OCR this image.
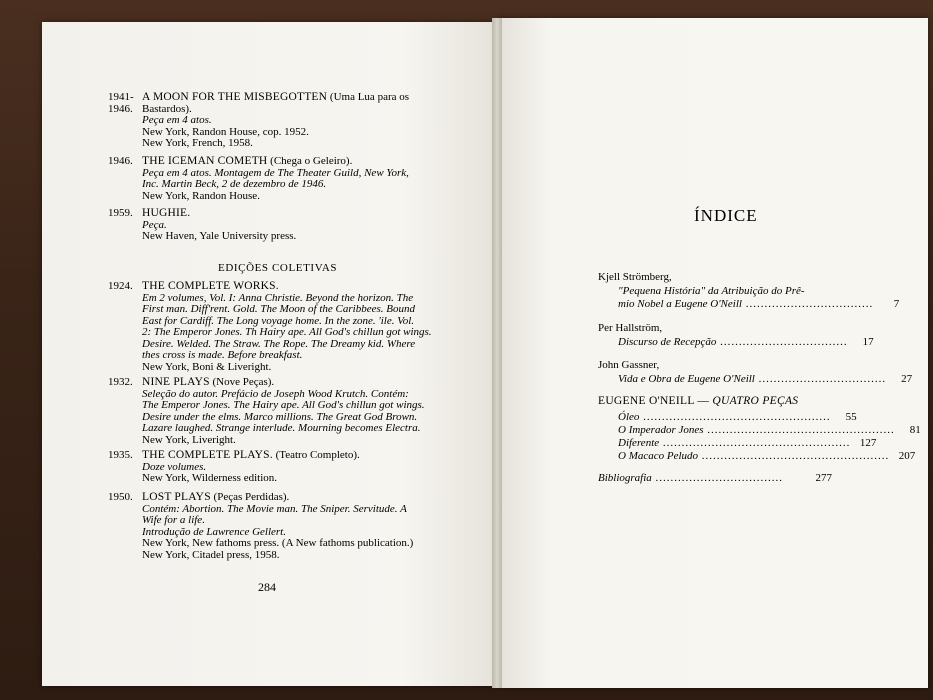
1941-
1946.
A MOON FOR THE MISBEGOTTEN (Uma Lua para os
Bastardos).
Peça em 4 atos.
New York, Randon House, cop. 1952.
New York, French, 1958.
1946. THE ICEMAN COMETH (Chega o Geleiro).
Peça em 4 atos. Montagem de The Theater Guild, New York,
Inc. Martin Beck, 2 de dezembro de 1946.
New York, Randon House.
1959. HUGHIE.
Peça.
New Haven, Yale University press.
1924. THE COMPLETE WORKS.
Em 2 volumes, Vol. I: Anna Christie. Beyond the horizon. The
First man. Diff'rent. Gold. The Moon of the Caribbees. Bound
East for Cardiff. The Long voyage home. In the zone. 'ile. Vol.
2: The Emperor Jones. Th Hairy ape. All God's chillun got wings.
Desire. Welded. The Straw. The Rope. The Dreamy kid. Where
thes cross is made. Before breakfast.
New York, Boni & Liveright.
1932. NINE PLAYS (Nove Peças).
Seleção do autor. Prefácio de Joseph Wood Krutch. Contém:
The Emperor Jones. The Hairy ape. All God's chillun got wings.
Desire under the elms. Marco millions. The Great God Brown.
Lazare laughed. Strange interlude. Mourning becomes Electra.
New York, Liveright.
1935. THE COMPLETE PLAYS. (Teatro Completo).
Doze volumes.
New York, Wilderness edition.
1950. LOST PLAYS (Peças Perdidas).
Contém: Abortion. The Movie man. The Sniper. Servitude. A
Wife for a life.
Introdução de Lawrence Gellert.
New York, New fathoms press. (A New fathoms publication.)
New York, Citadel press, 1958.
EDIÇÕES COLETIVAS
284
ÍNDICE
Kjell Strömberg,
"Pequena História" da Atribuição do Prê-
mio Nobel a Eugene O'Neill ..................................	7
Per Hallström,
Discurso de Recepção ..................................	17
John Gassner,
Vida e Obra de Eugene O'Neill ..................................	27
EUGENE O'NEILL — QUATRO PEÇAS
Óleo ..................................................	55
O Imperador Jones ..................................................	81
Diferente .................................................. 127
O Macaco Peludo .................................................. 207
Bibliografia ..................................	277
